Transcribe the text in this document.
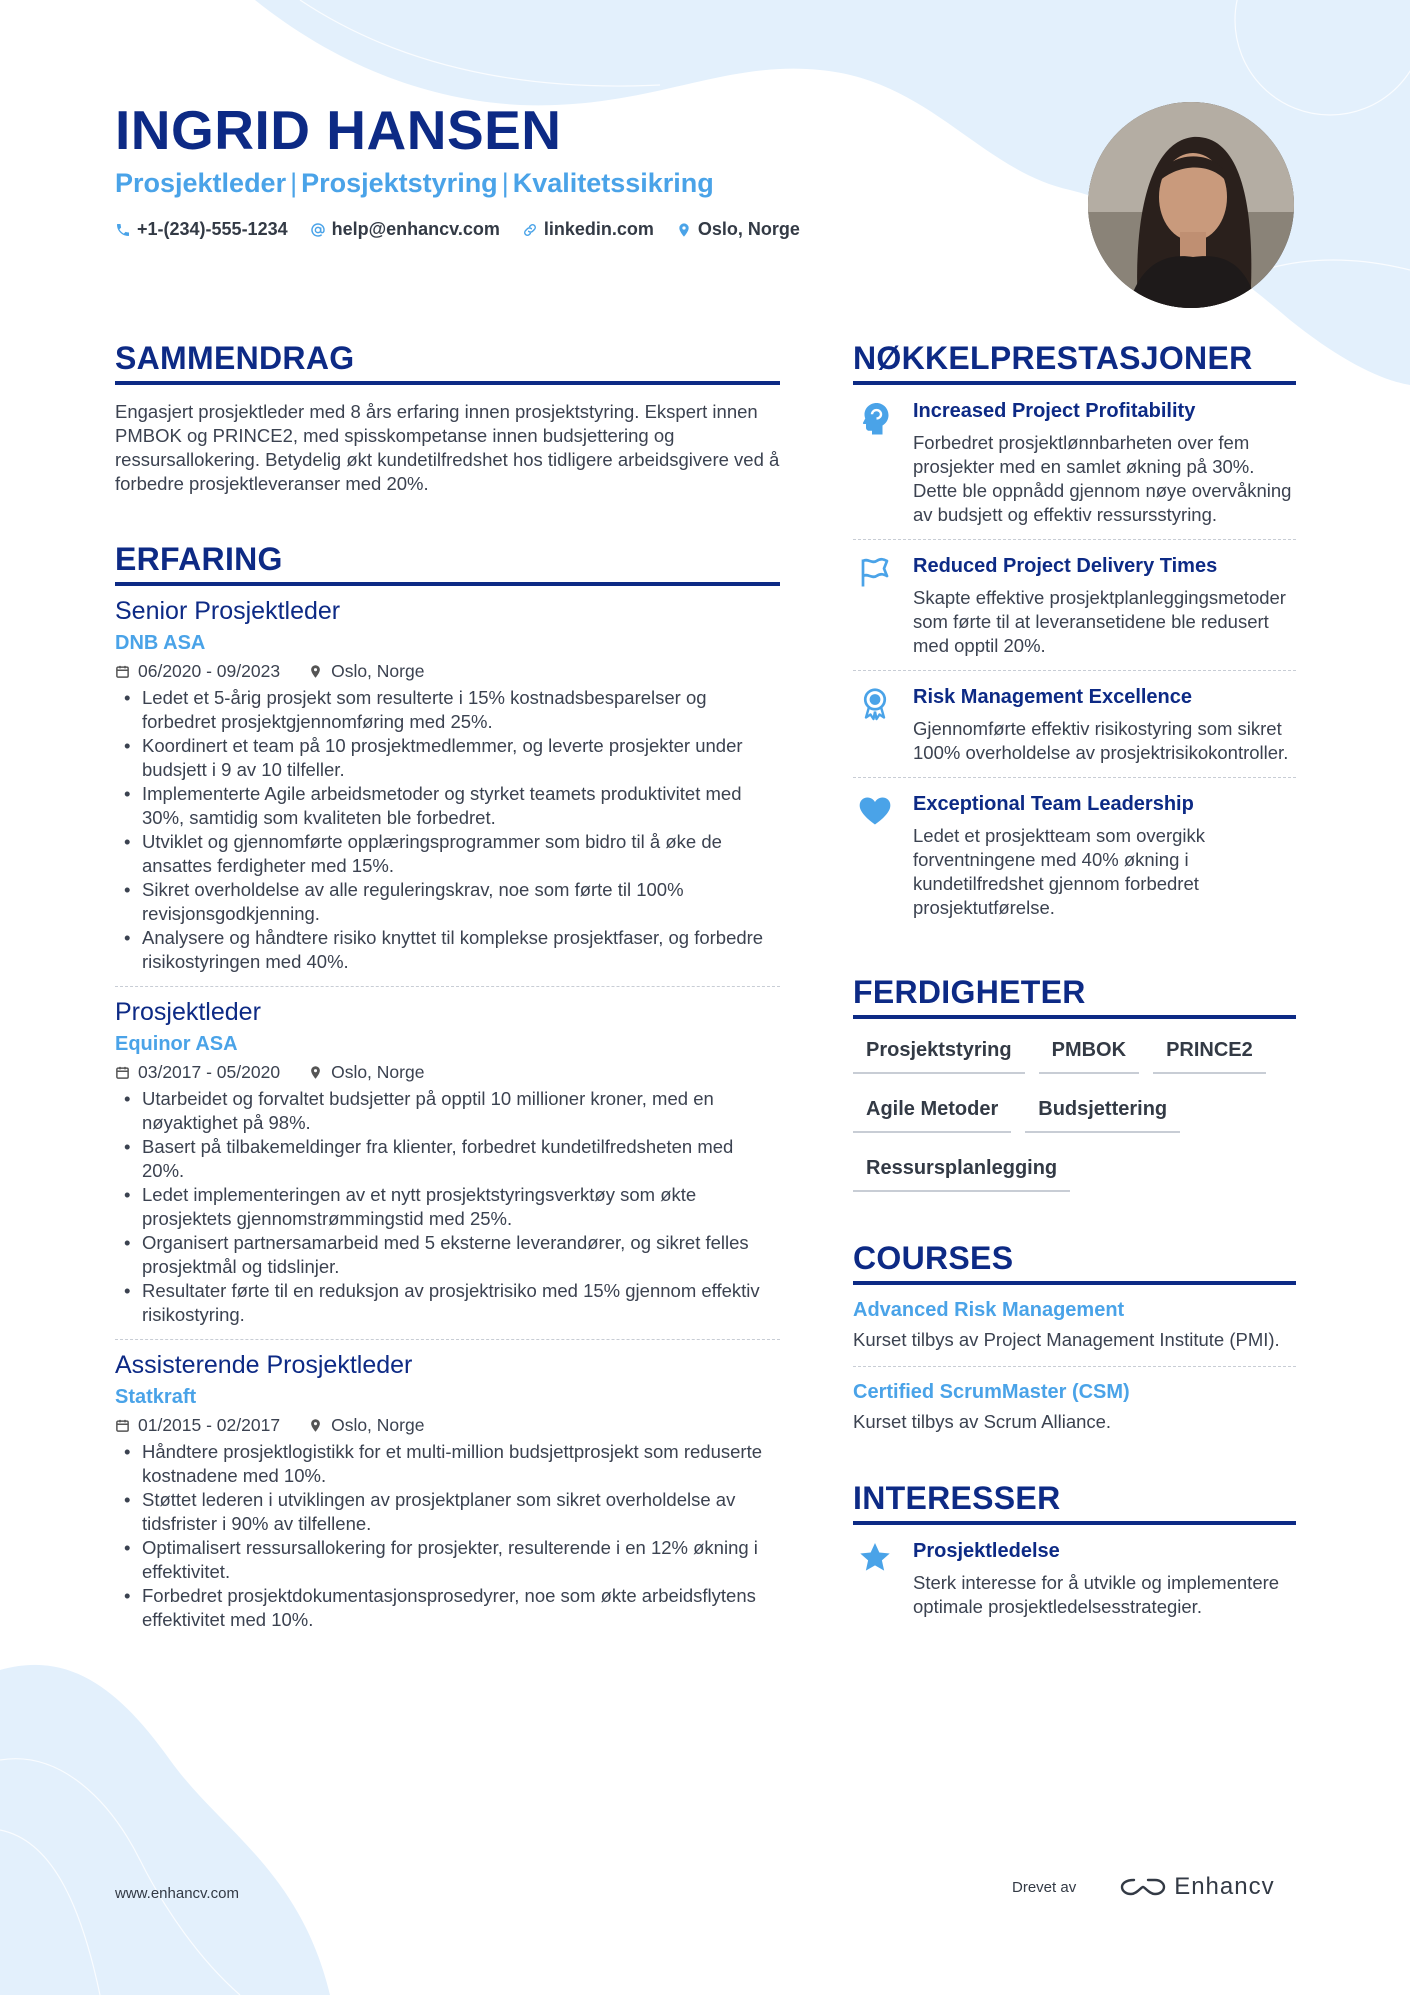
INGRID HANSEN
Prosjektleder | Prosjektstyring | Kvalitetssikring
+1-(234)-555-1234 help@enhancv.com linkedin.com Oslo, Norge
SAMMENDRAG
Engasjert prosjektleder med 8 års erfaring innen prosjektstyring. Ekspert innen PMBOK og PRINCE2, med spisskompetanse innen budsjettering og ressursallokering. Betydelig økt kundetilfredshet hos tidligere arbeidsgivere ved å forbedre prosjektleveranser med 20%.
ERFARING
Senior Prosjektleder
DNB ASA
06/2020 - 09/2023	Oslo, Norge
• Ledet et 5-årig prosjekt som resulterte i 15% kostnadsbesparelser og forbedret prosjektgjennomføring med 25%.
• Koordinert et team på 10 prosjektmedlemmer, og leverte prosjekter under budsjett i 9 av 10 tilfeller.
• Implementerte Agile arbeidsmetoder og styrket teamets produktivitet med 30%, samtidig som kvaliteten ble forbedret.
• Utviklet og gjennomførte opplæringsprogrammer som bidro til å øke de ansattes ferdigheter med 15%.
• Sikret overholdelse av alle reguleringskrav, noe som førte til 100% revisjonsgodkjenning.
• Analysere og håndtere risiko knyttet til komplekse prosjektfaser, og forbedre risikostyringen med 40%.
Prosjektleder
Equinor ASA
03/2017 - 05/2020	Oslo, Norge
• Utarbeidet og forvaltet budsjetter på opptil 10 millioner kroner, med en nøyaktighet på 98%.
• Basert på tilbakemeldinger fra klienter, forbedret kundetilfredsheten med 20%.
• Ledet implementeringen av et nytt prosjektstyringsverktøy som økte prosjektets gjennomstrømmingstid med 25%.
• Organisert partnersamarbeid med 5 eksterne leverandører, og sikret felles prosjektmål og tidslinjer.
• Resultater førte til en reduksjon av prosjektrisiko med 15% gjennom effektiv risikostyring.
Assisterende Prosjektleder
Statkraft
01/2015 - 02/2017	Oslo, Norge
• Håndtere prosjektlogistikk for et multi-million budsjettprosjekt som reduserte kostnadene med 10%.
• Støttet lederen i utviklingen av prosjektplaner som sikret overholdelse av tidsfrister i 90% av tilfellene.
• Optimalisert ressursallokering for prosjekter, resulterende i en 12% økning i effektivitet.
• Forbedret prosjektdokumentasjonsprosedyrer, noe som økte arbeidsflytens effektivitet med 10%.
NØKKELPRESTASJONER
Increased Project Profitability
Forbedret prosjektlønnbarheten over fem prosjekter med en samlet økning på 30%. Dette ble oppnådd gjennom nøye overvåkning av budsjett og effektiv ressursstyring.
Reduced Project Delivery Times
Skapte effektive prosjektplanleggingsmetoder som førte til at leveransetidene ble redusert med opptil 20%.
Risk Management Excellence
Gjennomførte effektiv risikostyring som sikret 100% overholdelse av prosjektrisikokontroller.
Exceptional Team Leadership
Ledet et prosjektteam som overgikk forventningene med 40% økning i kundetilfredshet gjennom forbedret prosjektutførelse.
FERDIGHETER
Prosjektstyring	PMBOK	PRINCE2
Agile Metoder	Budsjettering
Ressursplanlegging
COURSES
Advanced Risk Management
Kurset tilbys av Project Management Institute (PMI).
Certified ScrumMaster (CSM)
Kurset tilbys av Scrum Alliance.
INTERESSER
Prosjektledelse
Sterk interesse for å utvikle og implementere optimale prosjektledelsesstrategier.
www.enhancv.com	Drevet av	Enhancv
